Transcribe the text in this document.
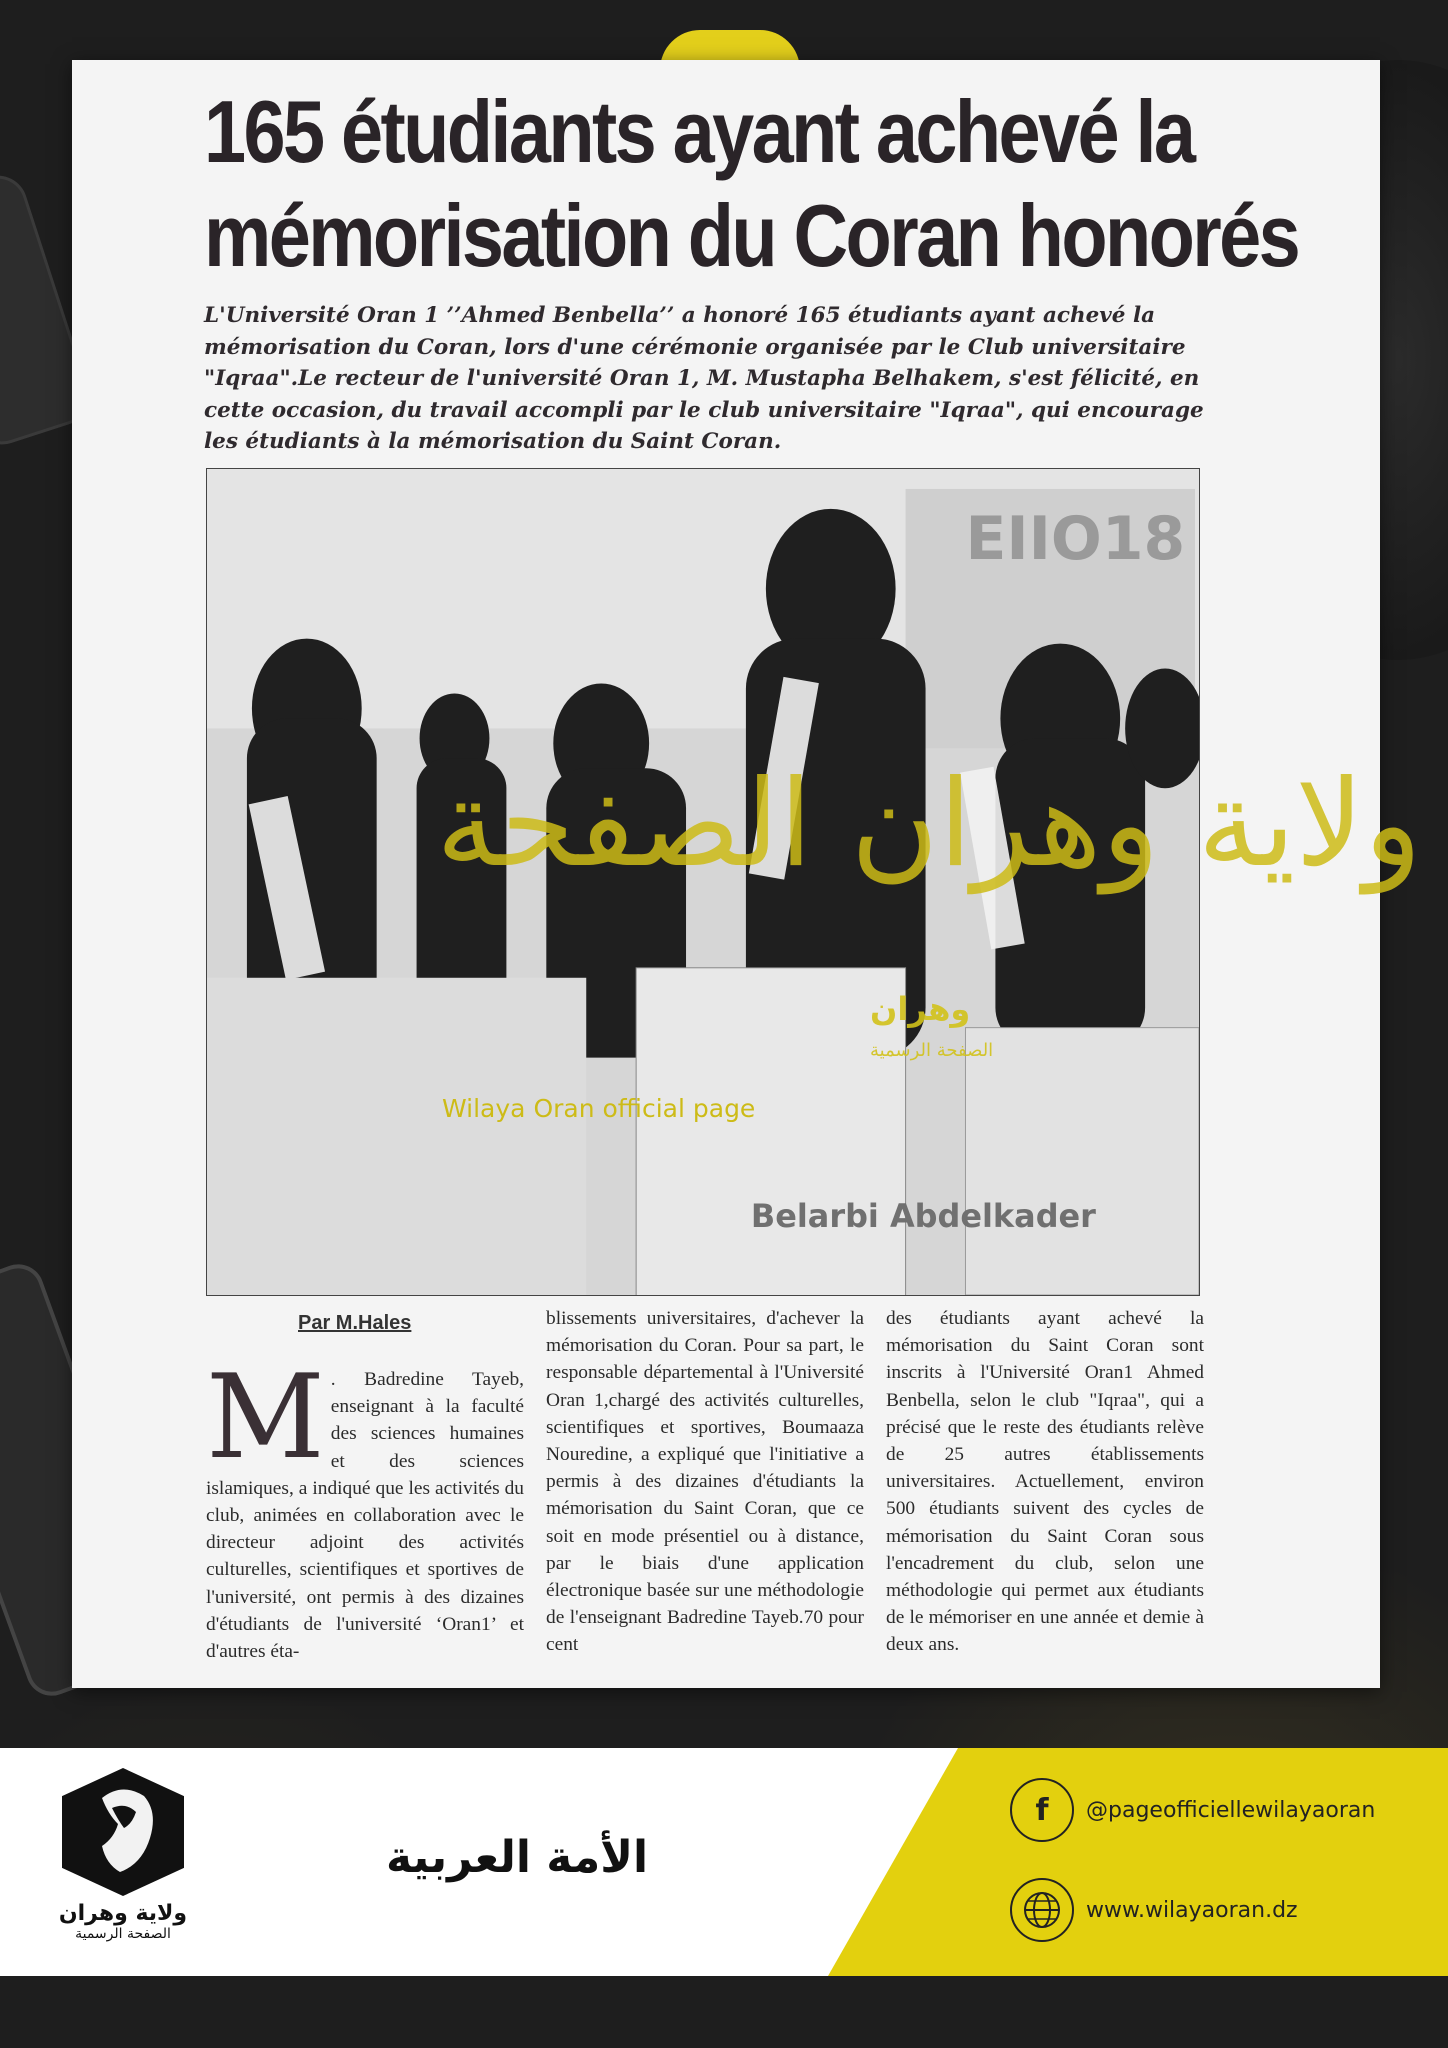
165 étudiants ayant achevé la
mémorisation du Coran honorés

L'Université Oran 1 ’’Ahmed Benbella’’ a honoré 165 étudiants ayant achevé la mémorisation du Coran, lors d'une cérémonie organisée par le Club universitaire "Iqraa".Le recteur de l'université Oran 1, M. Mustapha Belhakem, s'est félicité, en cette occasion, du travail accompli par le club universitaire "Iqraa", qui encourage les étudiants à la mémorisation du Saint Coran.

EIIO18
Belarbi Abdelkader
Par M.Hales
M . Badredine Tayeb, enseignant à la faculté des sciences humaines et des sciences islamiques, a indiqué que les activités du club, animées en collaboration avec le directeur adjoint des activités culturelles, scientifiques et sportives de l'université, ont permis à des dizaines d'étudiants de l'université ‘Oran1’ et d'autres éta-
blissements universitaires, d'achever la mémorisation du Coran. Pour sa part, le responsable départemental à l'Université Oran 1,chargé des activités culturelles, scientifiques et sportives, Boumaaza Nouredine, a expliqué que l'initiative a permis à des dizaines d'étudiants la mémorisation du Saint Coran, que ce soit en mode présentiel ou à distance, par le biais d'une application électronique basée sur une méthodologie de l'enseignant Badredine Tayeb.70 pour cent
des étudiants ayant achevé la mémorisation du Saint Coran sont inscrits à l'Université Oran1 Ahmed Benbella, selon le club "Iqraa", qui a précisé que le reste des étudiants relève de 25 autres établissements universitaires. Actuellement, environ 500 étudiants suivent des cycles de mémorisation du Saint Coran sous l'encadrement du club, selon une méthodologie qui permet aux étudiants de le mémoriser en une année et demie à deux ans.
ولاية وهران الصفحة
Wilaya Oran official page
وهران
الصفحة الرسمية
ولاية وهران
الصفحة الرسمية
الأمة العربية
f	@pageofficiellewilayaoran
www.wilayaoran.dz
